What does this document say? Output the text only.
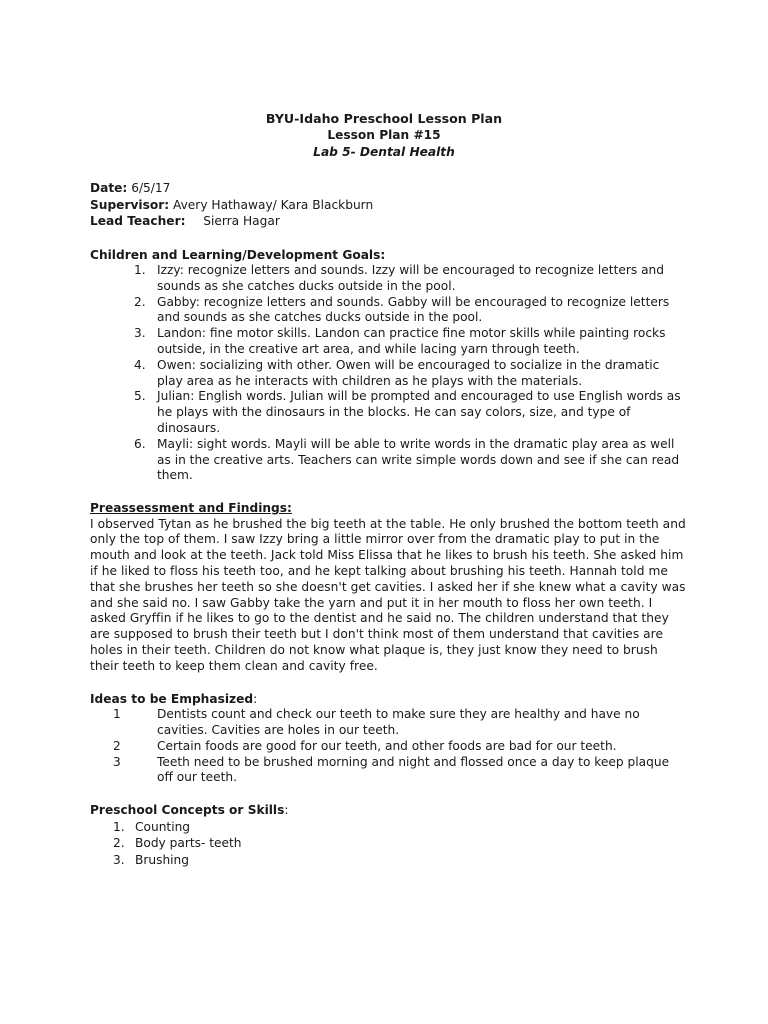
BYU-Idaho Preschool Lesson Plan
Lesson Plan #15
Lab 5- Dental Health
Date: 6/5/17
Supervisor: Avery Hathaway/ Kara Blackburn
Lead Teacher: Sierra Hagar
Children and Learning/Development Goals:
1. Izzy: recognize letters and sounds. Izzy will be encouraged to recognize letters and sounds as she catches ducks outside in the pool.
2. Gabby: recognize letters and sounds. Gabby will be encouraged to recognize letters and sounds as she catches ducks outside in the pool.
3. Landon: fine motor skills. Landon can practice fine motor skills while painting rocks outside, in the creative art area, and while lacing yarn through teeth.
4. Owen: socializing with other. Owen will be encouraged to socialize in the dramatic play area as he interacts with children as he plays with the materials.
5. Julian: English words. Julian will be prompted and encouraged to use English words as he plays with the dinosaurs in the blocks. He can say colors, size, and type of dinosaurs.
6. Mayli: sight words. Mayli will be able to write words in the dramatic play area as well as in the creative arts. Teachers can write simple words down and see if she can read them.
Preassessment and Findings:
I observed Tytan as he brushed the big teeth at the table. He only brushed the bottom teeth and only the top of them. I saw Izzy bring a little mirror over from the dramatic play to put in the mouth and look at the teeth. Jack told Miss Elissa that he likes to brush his teeth. She asked him if he liked to floss his teeth too, and he kept talking about brushing his teeth. Hannah told me that she brushes her teeth so she doesn't get cavities. I asked her if she knew what a cavity was and she said no. I saw Gabby take the yarn and put it in her mouth to floss her own teeth. I asked Gryffin if he likes to go to the dentist and he said no. The children understand that they are supposed to brush their teeth but I don't think most of them understand that cavities are holes in their teeth. Children do not know what plaque is, they just know they need to brush their teeth to keep them clean and cavity free.
Ideas to be Emphasized:
1	Dentists count and check our teeth to make sure they are healthy and have no cavities. Cavities are holes in our teeth.
2	Certain foods are good for our teeth, and other foods are bad for our teeth.
3	Teeth need to be brushed morning and night and flossed once a day to keep plaque off our teeth.
Preschool Concepts or Skills:
1. Counting
2. Body parts- teeth
3. Brushing
